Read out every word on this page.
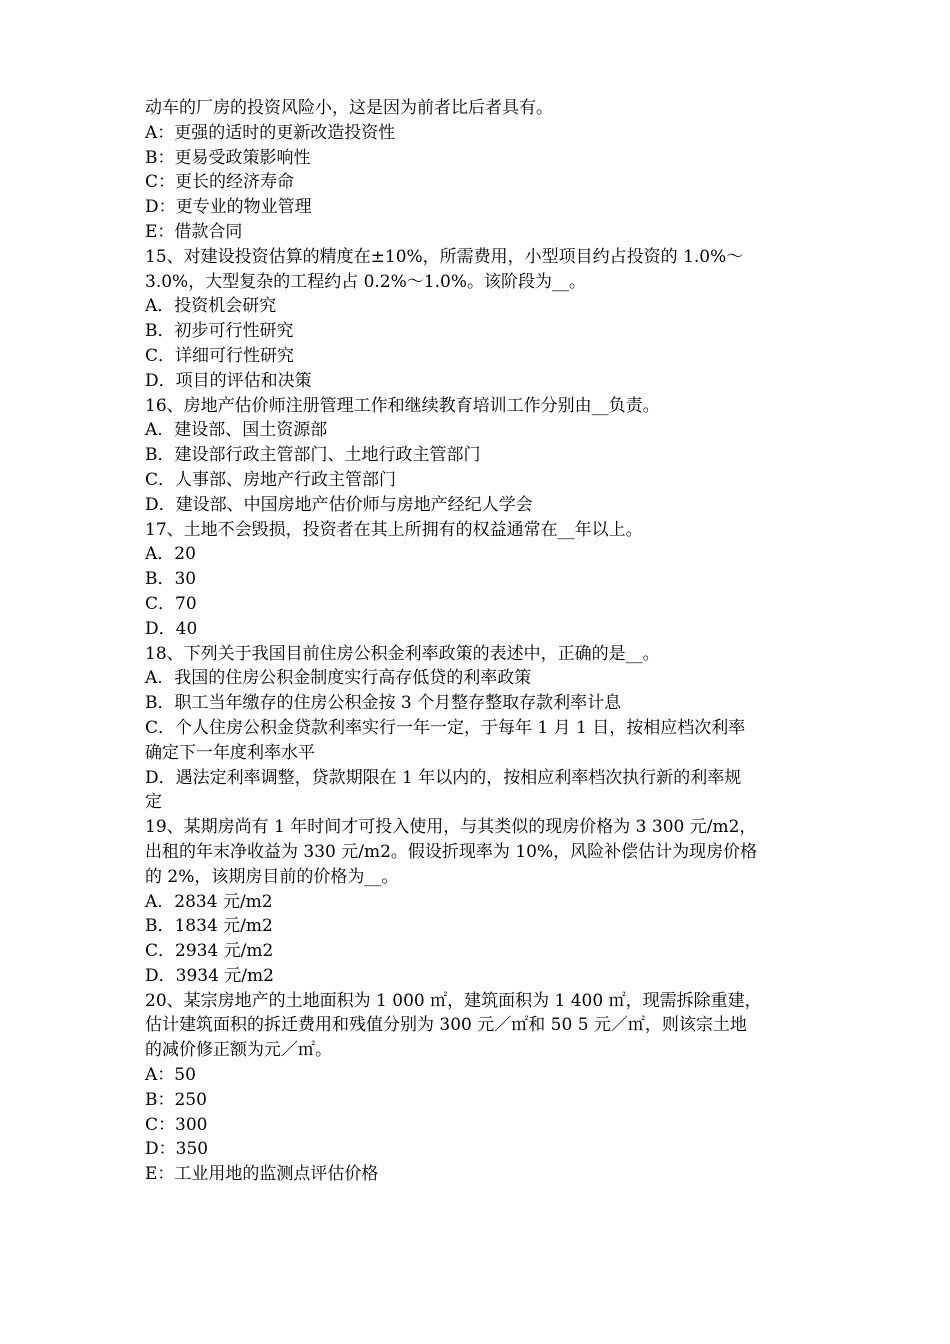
动车的厂房的投资风险小，这是因为前者比后者具有。
A：更强的适时的更新改造投资性
B：更易受政策影响性
C：更长的经济寿命
D：更专业的物业管理
E：借款合同
15、对建设投资估算的精度在±10%，所需费用，小型项目约占投资的 1.0%～
3.0%，大型复杂的工程约占 0.2%～1.0%。该阶段为__。
A．投资机会研究
B．初步可行性研究
C．详细可行性研究
D．项目的评估和决策
16、房地产估价师注册管理工作和继续教育培训工作分别由__负责。
A．建设部、国土资源部
B．建设部行政主管部门、土地行政主管部门
C．人事部、房地产行政主管部门
D．建设部、中国房地产估价师与房地产经纪人学会
17、土地不会毁损，投资者在其上所拥有的权益通常在__年以上。
A．20
B．30
C．70
D．40
18、下列关于我国目前住房公积金利率政策的表述中，正确的是__。
A．我国的住房公积金制度实行高存低贷的利率政策
B．职工当年缴存的住房公积金按 3 个月整存整取存款利率计息
C．个人住房公积金贷款利率实行一年一定，于每年 1 月 1 日，按相应档次利率
确定下一年度利率水平
D．遇法定利率调整，贷款期限在 1 年以内的，按相应利率档次执行新的利率规
定
19、某期房尚有 1 年时间才可投入使用，与其类似的现房价格为 3 300 元/m2，
出租的年末净收益为 330 元/m2。假设折现率为 10%，风险补偿估计为现房价格
的 2%，该期房目前的价格为__。
A．2834 元/m2
B．1834 元/m2
C．2934 元/m2
D．3934 元/m2
20、某宗房地产的土地面积为 1 000 ㎡，建筑面积为 1 400 ㎡，现需拆除重建，
估计建筑面积的拆迁费用和残值分别为 300 元／㎡和 50 5 元／㎡，则该宗土地
的减价修正额为元／㎡。
A：50
B：250
C：300
D：350
E：工业用地的监测点评估价格
